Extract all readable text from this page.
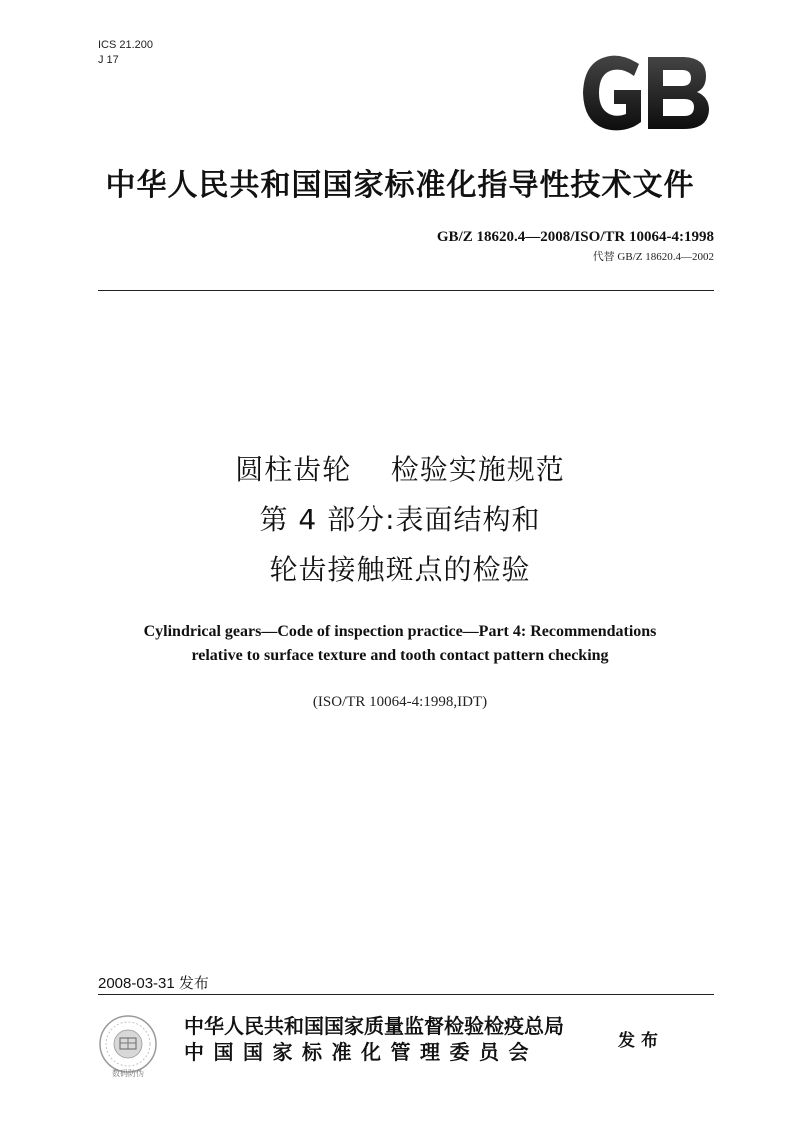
ICS 21.200
J 17
中华人民共和国国家标准化指导性技术文件
GB/Z 18620.4—2008/ISO/TR 10064-4:1998
代替 GB/Z 18620.4—2002
圆柱齿轮    检验实施规范
第 4 部分:表面结构和
轮齿接触斑点的检验
Cylindrical gears—Code of inspection practice—Part 4: Recommendations
relative to surface texture and tooth contact pattern checking
(ISO/TR 10064-4:1998,IDT)
2008-03-31 发布
数码防伪
中华人民共和国国家质量监督检验检疫总局
中国国家标准化管理委员会	发布
